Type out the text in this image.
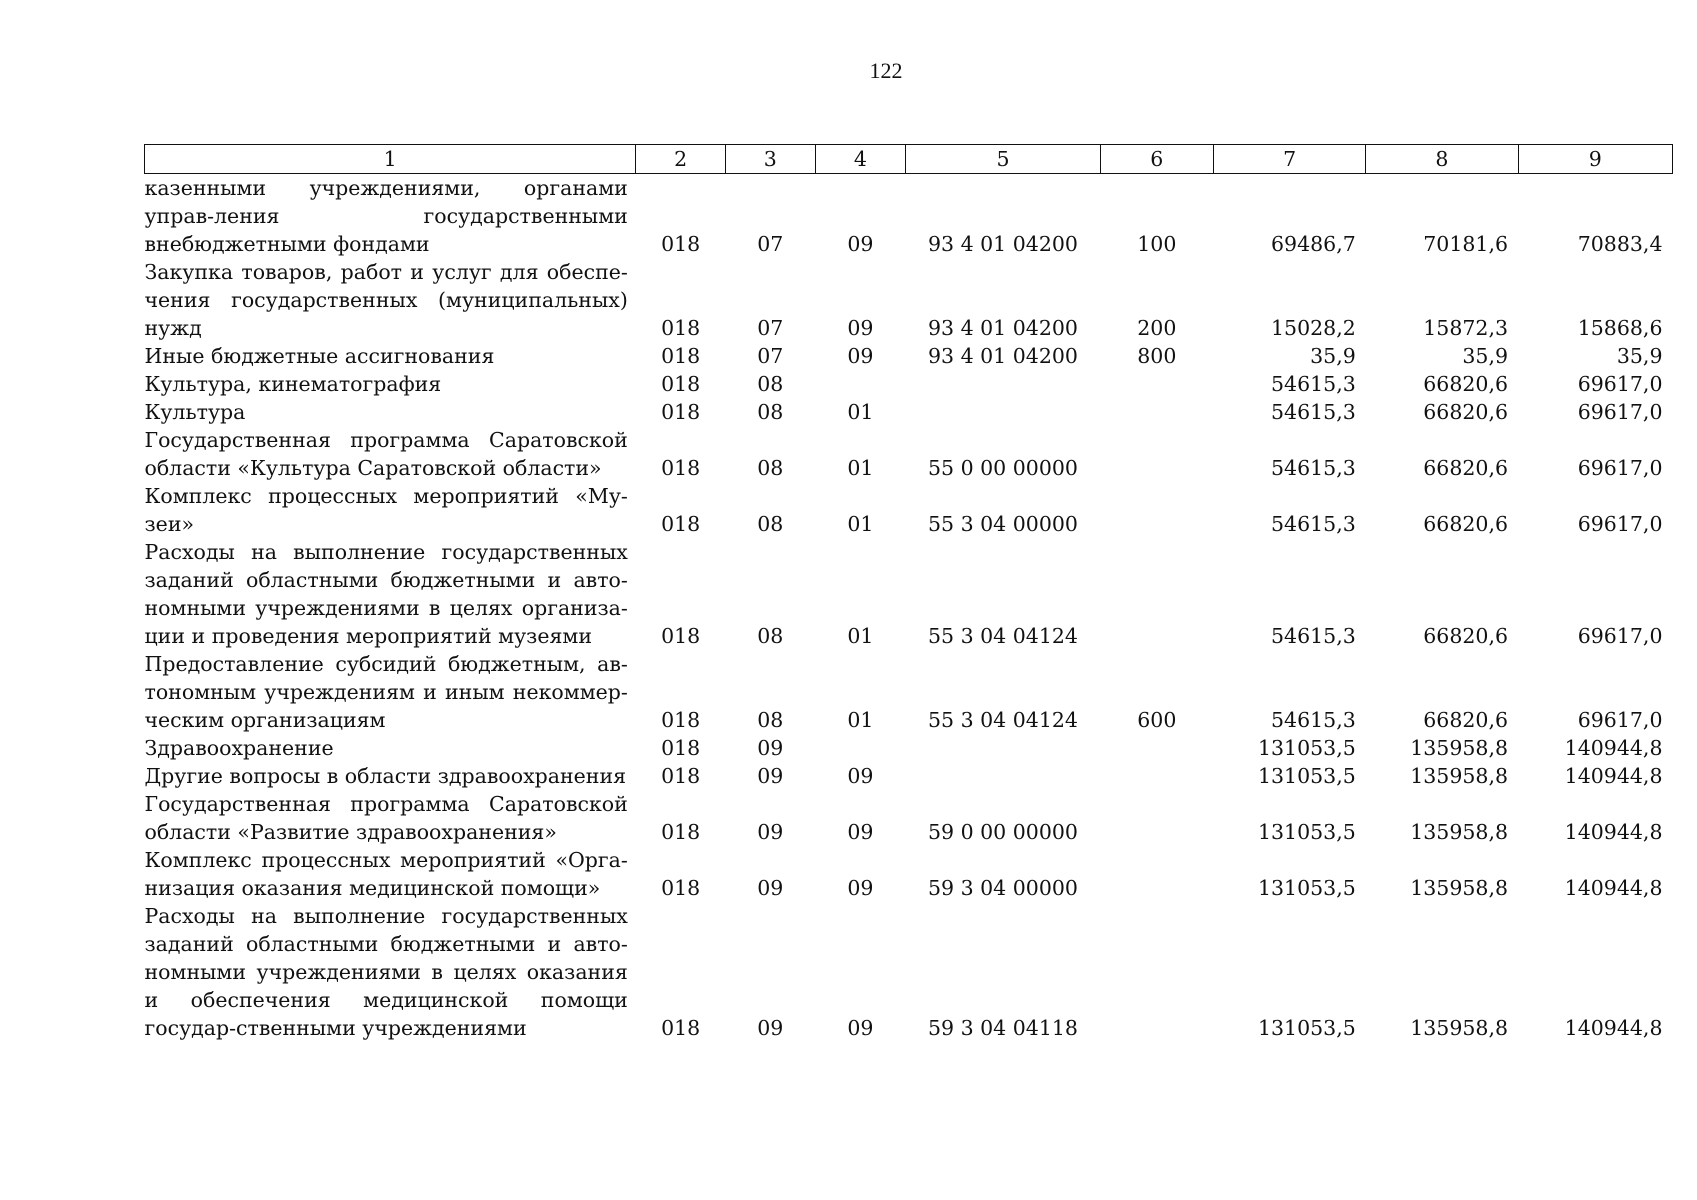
122
1	2	3	4	5	6	7	8	9
казенными учреждениями, органами управ-ления государственными внебюджетными фондами	018	07	09	93 4 01 04200	100	69486,7	70181,6	70883,4
Закупка товаров, работ и услуг для обеспе-чения государственных (муниципальных) нужд	018	07	09	93 4 01 04200	200	15028,2	15872,3	15868,6
Иные бюджетные ассигнования	018	07	09	93 4 01 04200	800	35,9	35,9	35,9
Культура, кинематография	018	08				54615,3	66820,6	69617,0
Культура	018	08	01			54615,3	66820,6	69617,0
Государственная программа Саратовской области «Культура Саратовской области»	018	08	01	55 0 00 00000		54615,3	66820,6	69617,0
Комплекс процессных мероприятий «Му-зеи»	018	08	01	55 3 04 00000		54615,3	66820,6	69617,0
Расходы на выполнение государственных заданий областными бюджетными и авто-номными учреждениями в целях организа-ции и проведения мероприятий музеями	018	08	01	55 3 04 04124		54615,3	66820,6	69617,0
Предоставление субсидий бюджетным, ав-тономным учреждениям и иным некоммер-ческим организациям	018	08	01	55 3 04 04124	600	54615,3	66820,6	69617,0
Здравоохранение	018	09				131053,5	135958,8	140944,8
Другие вопросы в области здравоохранения	018	09	09			131053,5	135958,8	140944,8
Государственная программа Саратовской области «Развитие здравоохранения»	018	09	09	59 0 00 00000		131053,5	135958,8	140944,8
Комплекс процессных мероприятий «Орга-низация оказания медицинской помощи»	018	09	09	59 3 04 00000		131053,5	135958,8	140944,8
Расходы на выполнение государственных заданий областными бюджетными и авто-номными учреждениями в целях оказания и обеспечения медицинской помощи государ-ственными учреждениями	018	09	09	59 3 04 04118		131053,5	135958,8	140944,8
